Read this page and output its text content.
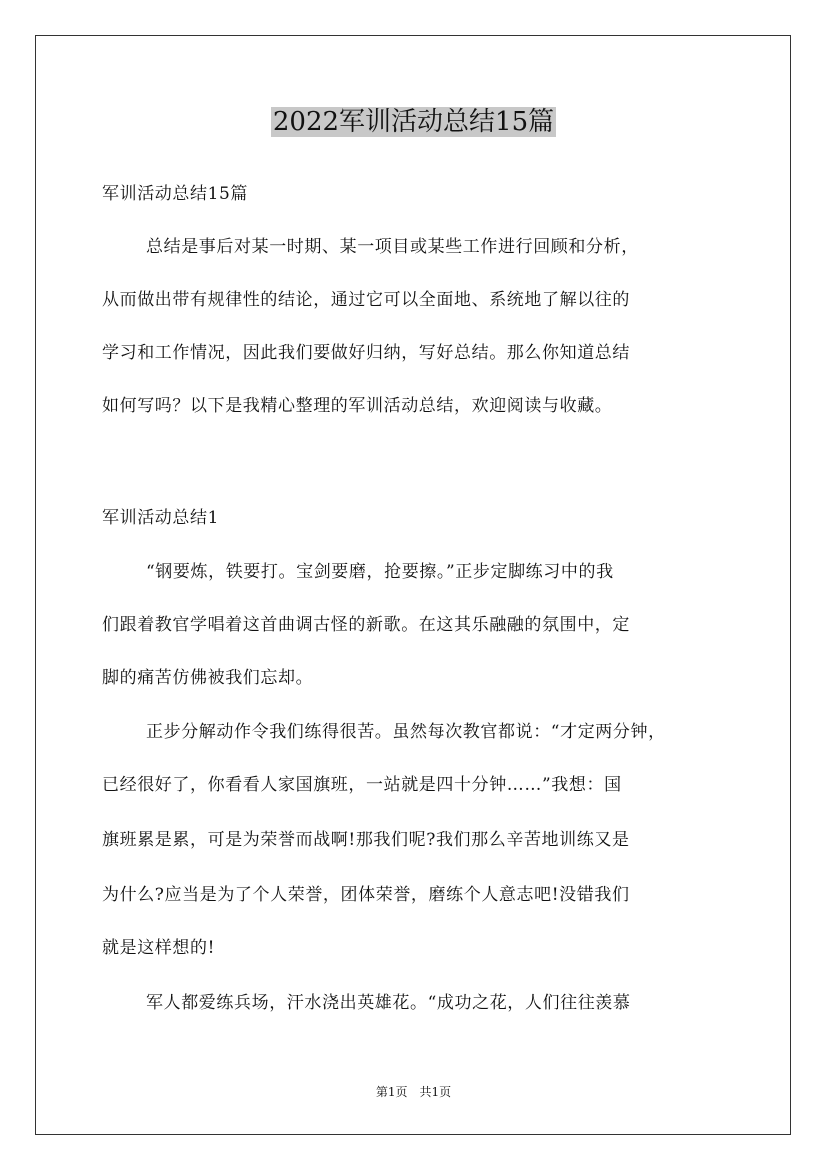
2022军训活动总结15篇
军训活动总结15篇
总结是事后对某一时期、某一项目或某些工作进行回顾和分析，
从而做出带有规律性的结论，通过它可以全面地、系统地了解以往的
学习和工作情况，因此我们要做好归纳，写好总结。那么你知道总结
如何写吗？以下是我精心整理的军训活动总结，欢迎阅读与收藏。
军训活动总结1
“钢要炼，铁要打。宝剑要磨，抢要擦。”正步定脚练习中的我
们跟着教官学唱着这首曲调古怪的新歌。在这其乐融融的氛围中，定
脚的痛苦仿佛被我们忘却。
正步分解动作令我们练得很苦。虽然每次教官都说：“才定两分钟，
已经很好了，你看看人家国旗班，一站就是四十分钟……”我想：国
旗班累是累，可是为荣誉而战啊!那我们呢?我们那么辛苦地训练又是
为什么?应当是为了个人荣誉，团体荣誉，磨练个人意志吧!没错我们
就是这样想的!
军人都爱练兵场，汗水浇出英雄花。“成功之花，人们往往羡慕
第1页　共1页
